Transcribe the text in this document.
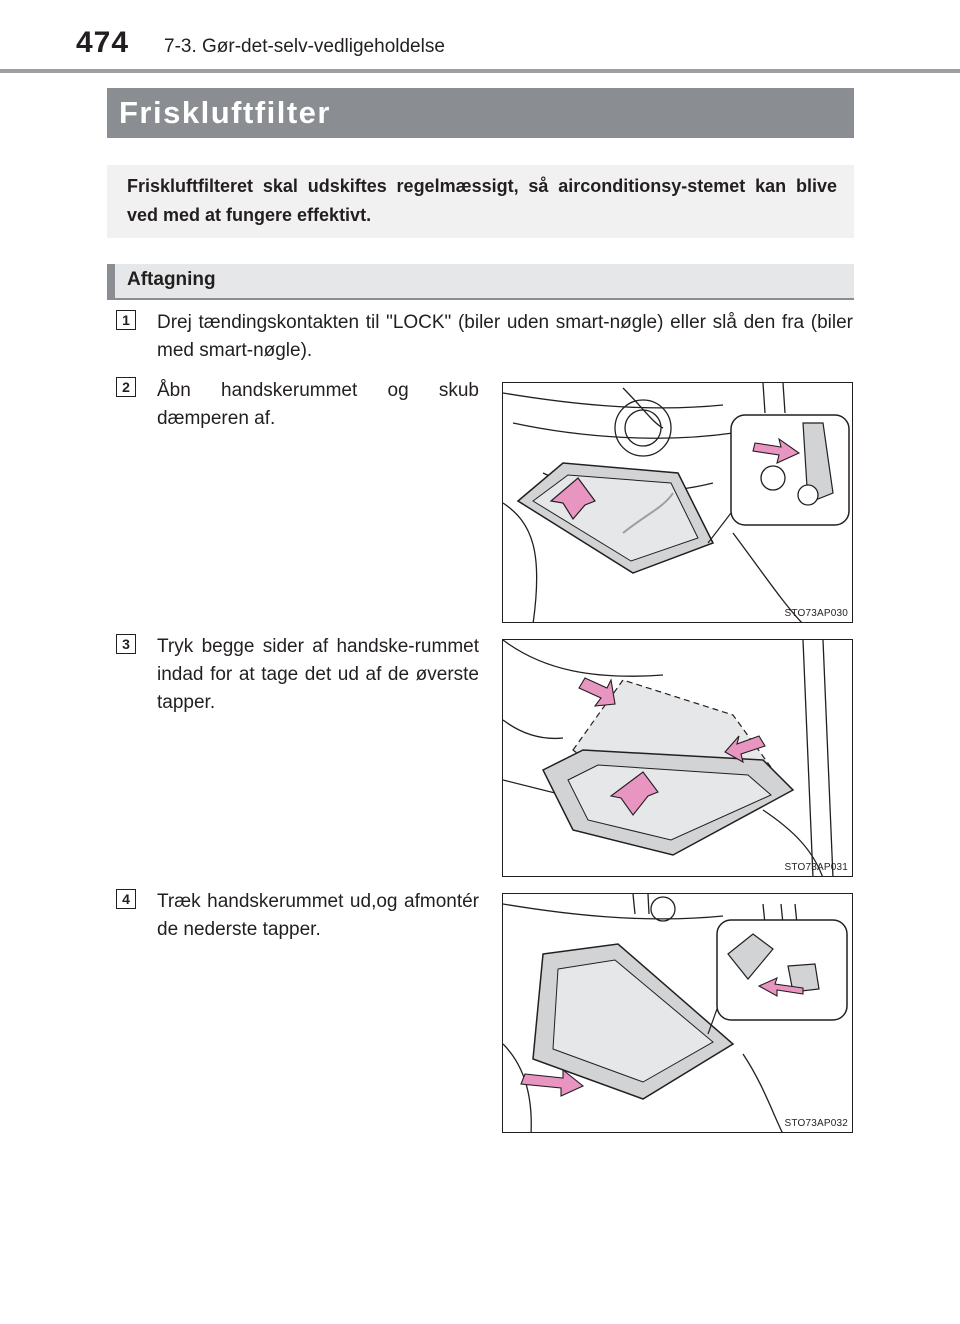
474 7-3. Gør-det-selv-vedligeholdelse
Friskluftfilter

Friskluftfilteret skal udskiftes regelmæssigt, så airconditionsy-stemet kan blive ved med at fungere effektivt.

Aftagning
1	Drej tændingskontakten til "LOCK" (biler uden smart-nøgle) eller slå den fra (biler med smart-nøgle).

2	Åbn handskerummet og skub dæmperen af.

STO73AP030
3	Tryk begge sider af handske-rummet indad for at tage det ud af de øverste tapper.

STO73AP031
4	Træk handskerummet ud,og afmontér de nederste tapper.

STO73AP032
